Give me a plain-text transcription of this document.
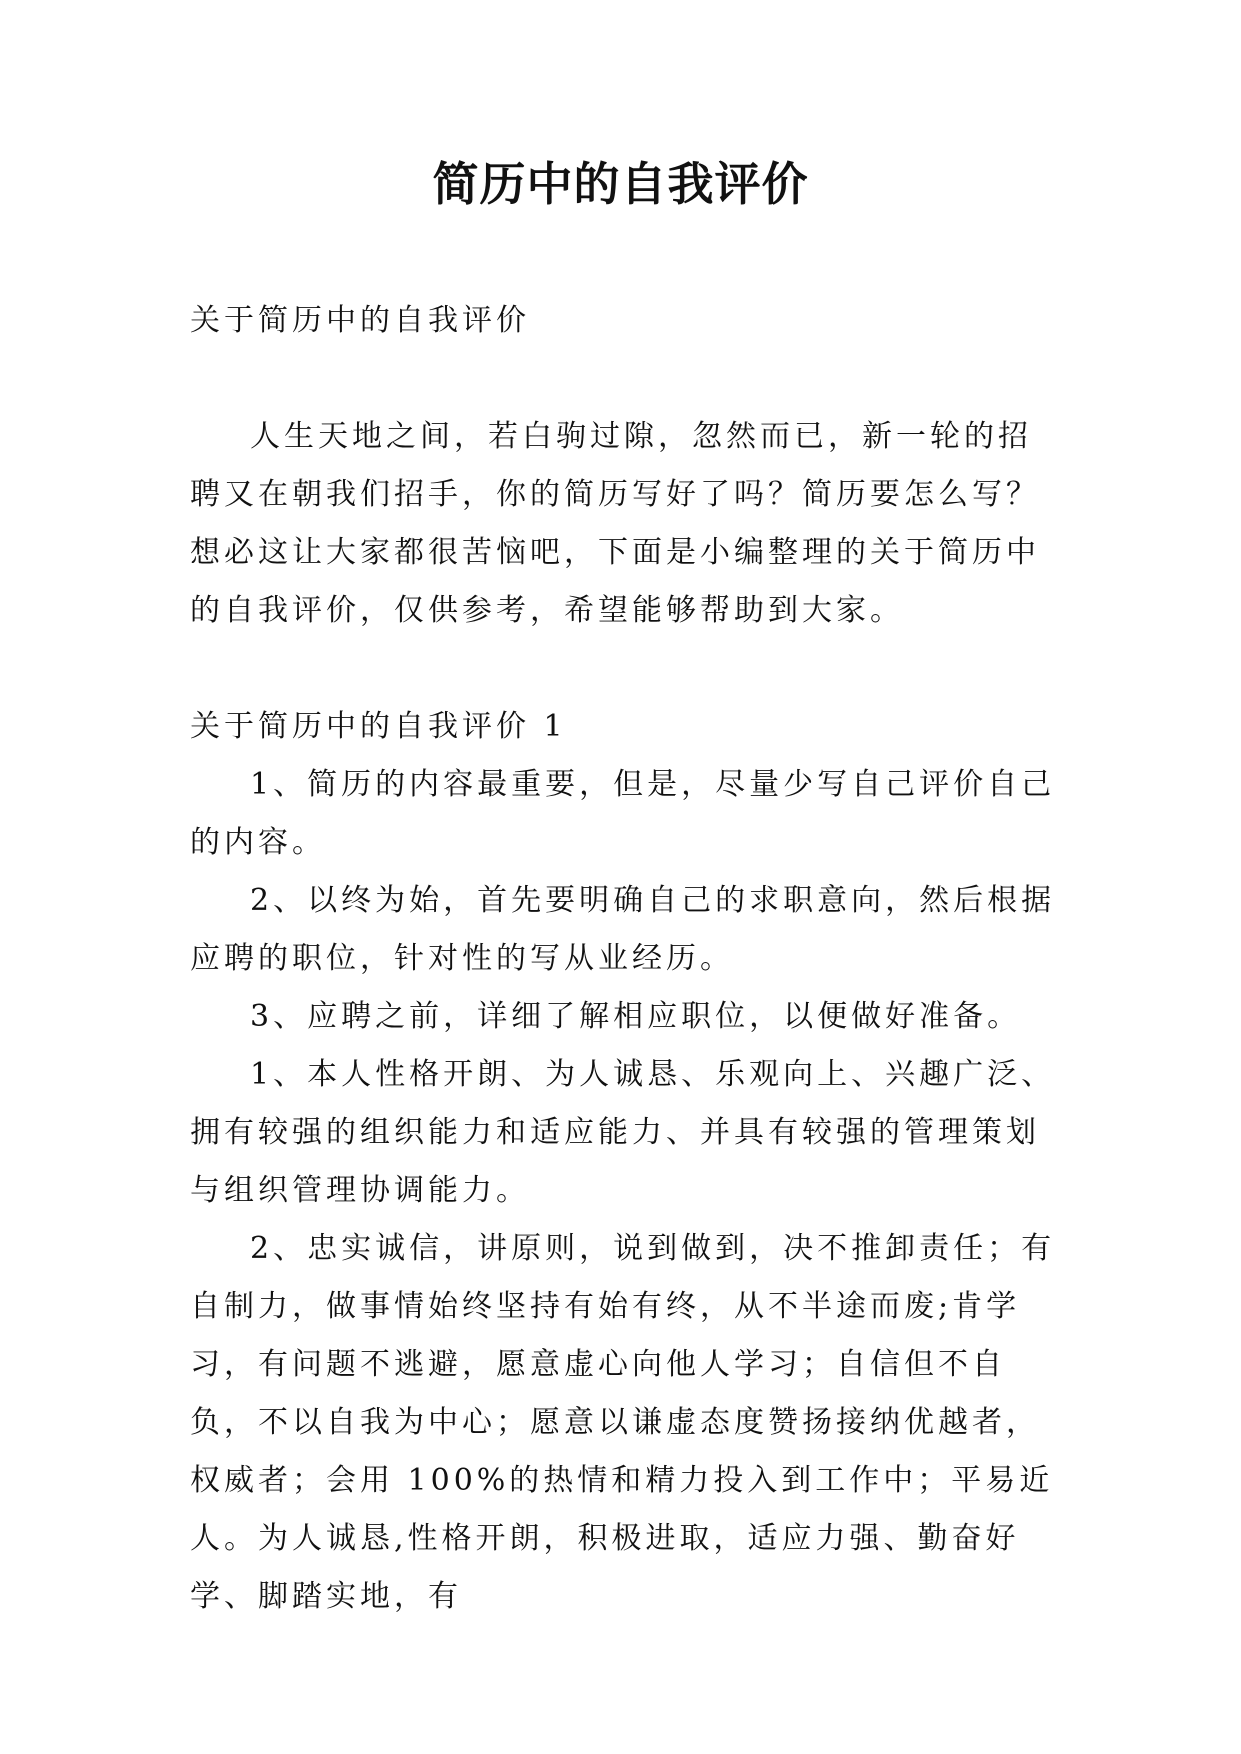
简历中的自我评价

关于简历中的自我评价

人生天地之间，若白驹过隙，忽然而已，新一轮的招聘又在朝我们招手，你的简历写好了吗？简历要怎么写？想必这让大家都很苦恼吧，下面是小编整理的关于简历中的自我评价，仅供参考，希望能够帮助到大家。

关于简历中的自我评价 1

1、简历的内容最重要，但是，尽量少写自己评价自己的内容。

2、以终为始，首先要明确自己的求职意向，然后根据应聘的职位，针对性的写从业经历。

3、应聘之前，详细了解相应职位，以便做好准备。

1、本人性格开朗、为人诚恳、乐观向上、兴趣广泛、拥有较强的组织能力和适应能力、并具有较强的管理策划与组织管理协调能力。

2、忠实诚信，讲原则，说到做到，决不推卸责任；有自制力，做事情始终坚持有始有终，从不半途而废;肯学习，有问题不逃避，愿意虚心向他人学习；自信但不自负，不以自我为中心；愿意以谦虚态度赞扬接纳优越者，权威者；会用 100%的热情和精力投入到工作中；平易近人。为人诚恳,性格开朗，积极进取，适应力强、勤奋好学、脚踏实地，有
